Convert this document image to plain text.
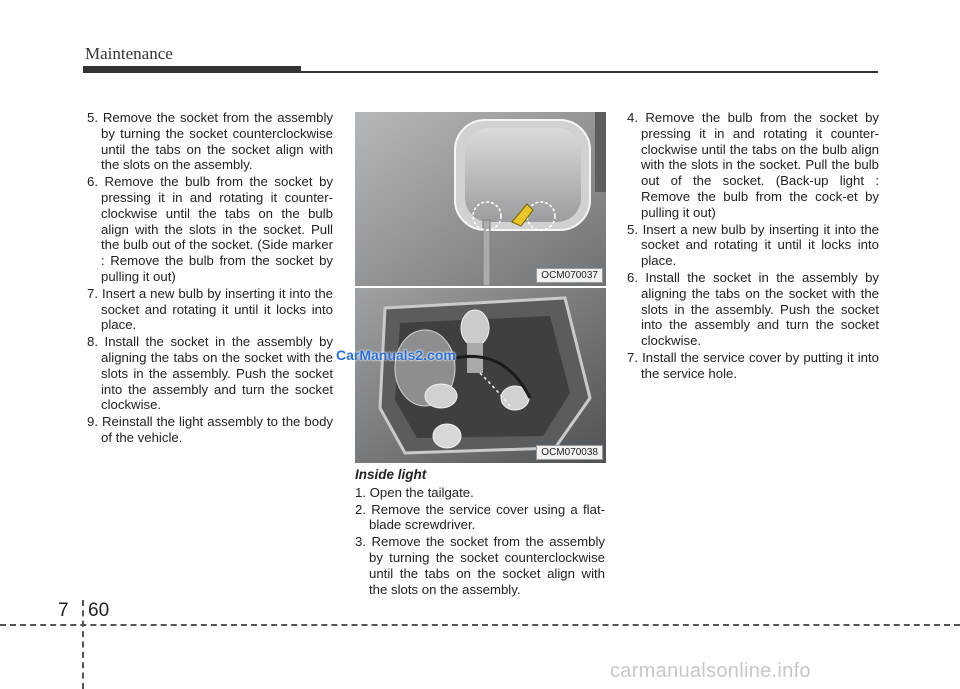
Maintenance
5. Remove the socket from the assembly by turning the socket counterclockwise until the tabs on the socket align with the slots on the assembly.
6. Remove the bulb from the socket by pressing it in and rotating it counter-clockwise until the tabs on the bulb align with the slots in the socket. Pull the bulb out of the socket. (Side marker : Remove the bulb from the socket by pulling it out)
7. Insert a new bulb by inserting it into the socket and rotating it until it locks into place.
8. Install the socket in the assembly by aligning the tabs on the socket with the slots in the assembly. Push the socket into the assembly and turn the socket clockwise.
9. Reinstall the light assembly to the body of the vehicle.
OCM070037
OCM070038
CarManuals2.com
Inside light
1. Open the tailgate.
2. Remove the service cover using a flat-blade screwdriver.
3. Remove the socket from the assembly by turning the socket counterclockwise until the tabs on the socket align with the slots on the assembly.
4. Remove the bulb from the socket by pressing it in and rotating it counter-clockwise until the tabs on the bulb align with the slots in the socket. Pull the bulb out of the socket. (Back-up light : Remove the bulb from the cock-et by pulling it out)
5. Insert a new bulb by inserting it into the socket and rotating it until it locks into place.
6. Install the socket in the assembly by aligning the tabs on the socket with the slots in the assembly. Push the socket into the assembly and turn the socket clockwise.
7. Install the service cover by putting it into the service hole.
7 60
carmanualsonline.info
